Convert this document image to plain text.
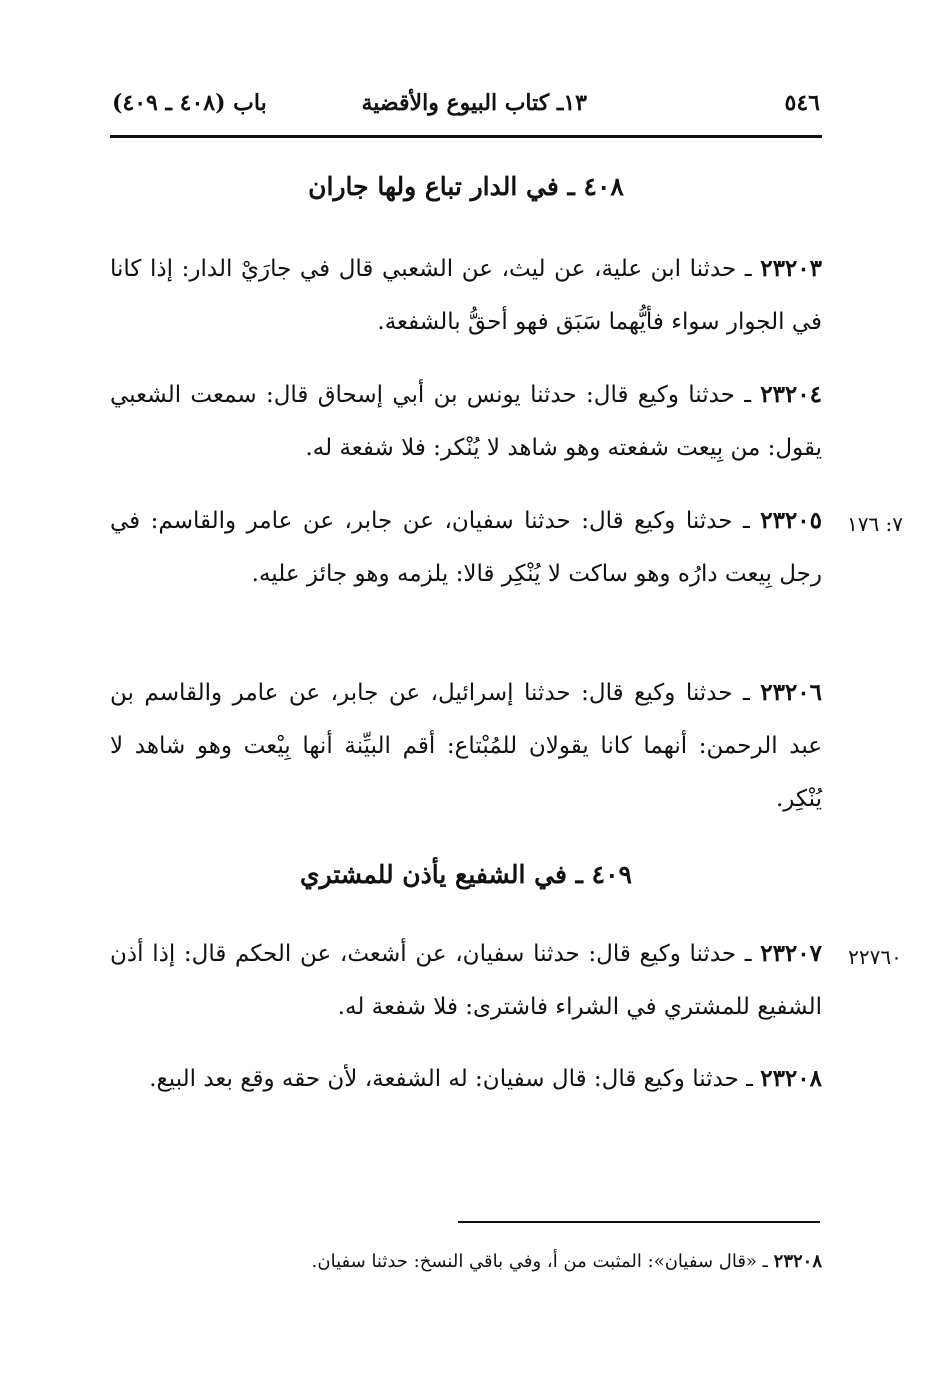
٥٤٦
١٣ـ كتاب البيوع والأقضية
باب (٤٠٨ ـ ٤٠٩)
٤٠٨ ـ في الدار تباع ولها جاران
٢٣٢٠٣ ـ حدثنا ابن علية، عن ليث، عن الشعبي قال في جارَيْ الدار: إذا كانا في الجوار سواء فأيُّهما سَبَق فهو أحقُّ بالشفعة.
٢٣٢٠٤ ـ حدثنا وكيع قال: حدثنا يونس بن أبي إسحاق قال: سمعت الشعبي يقول: من بِيعت شفعته وهو شاهد لا يُنْكر: فلا شفعة له.
٧: ١٧٦
٢٣٢٠٥ ـ حدثنا وكيع قال: حدثنا سفيان، عن جابر، عن عامر والقاسم: في رجل بِيعت دارُه وهو ساكت لا يُنْكِر قالا: يلزمه وهو جائز عليه.
٢٣٢٠٦ ـ حدثنا وكيع قال: حدثنا إسرائيل، عن جابر، عن عامر والقاسم بن عبد الرحمن: أنهما كانا يقولان للمُبْتاع: أقم البيِّنة أنها بِيْعت وهو شاهد لا يُنْكِر.
٤٠٩ ـ في الشفيع يأذن للمشتري
٢٢٧٦٠
٢٣٢٠٧ ـ حدثنا وكيع قال: حدثنا سفيان، عن أشعث، عن الحكم قال: إذا أذن الشفيع للمشتري في الشراء فاشترى: فلا شفعة له.
٢٣٢٠٨ ـ حدثنا وكيع قال: قال سفيان: له الشفعة، لأن حقه وقع بعد البيع.
٢٣٢٠٨ ـ «قال سفيان»: المثبت من أ، وفي باقي النسخ: حدثنا سفيان.
